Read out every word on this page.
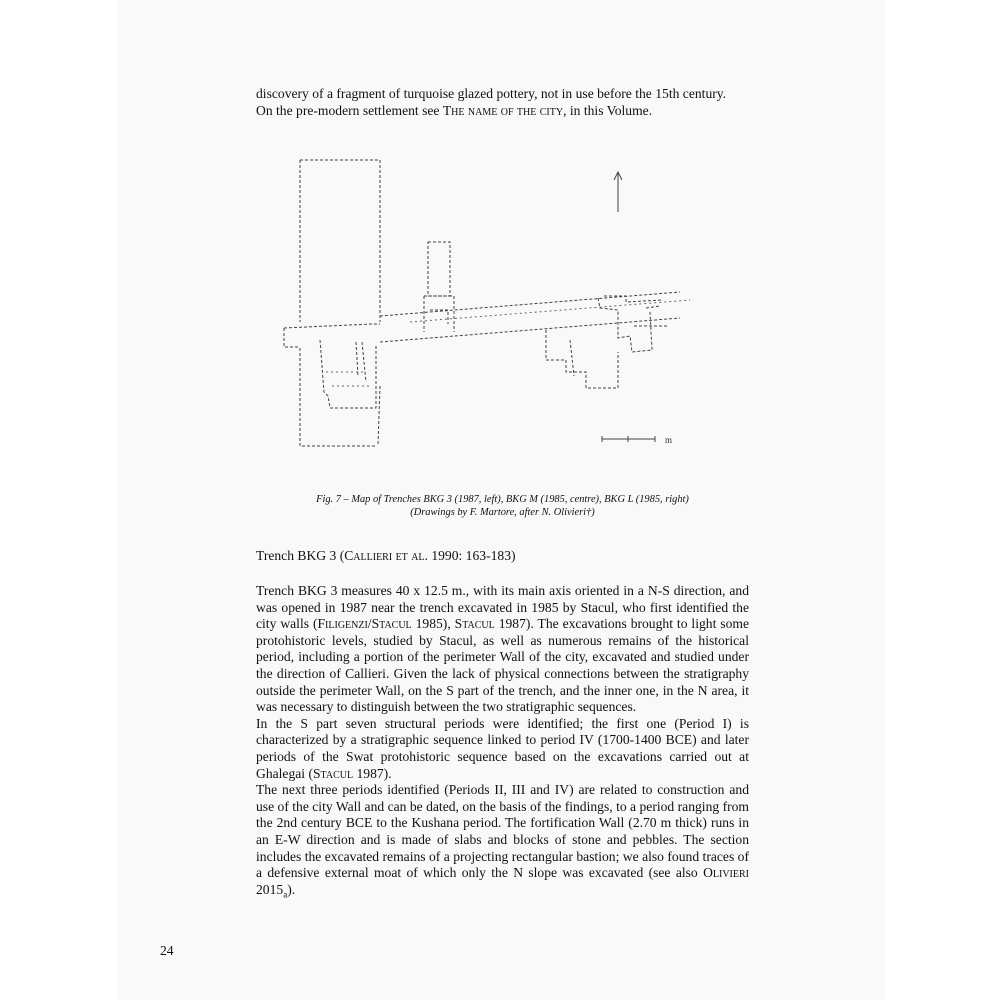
discovery of a fragment of turquoise glazed pottery, not in use before the 15th century.

On the pre-modern settlement see The name of the city, in this Volume.

m
Fig. 7 – Map of Trenches BKG 3 (1987, left), BKG M (1985, centre), BKG L (1985, right)
(Drawings by F. Martore, after N. Olivieri†)
Trench BKG 3 (Callieri et al. 1990: 163-183)

Trench BKG 3 measures 40 x 12.5 m., with its main axis oriented in a N-S direction, and was opened in 1987 near the trench excavated in 1985 by Stacul, who first identified the city walls (Filigenzi/Stacul 1985), Stacul 1987). The excavations brought to light some protohistoric levels, studied by Stacul, as well as numerous remains of the historical period, including a portion of the perimeter Wall of the city, excavated and studied under the direction of Callieri. Given the lack of physical connections between the stratigraphy outside the perimeter Wall, on the S part of the trench, and the inner one, in the N area, it was necessary to distinguish between the two stratigraphic sequences.

In the S part seven structural periods were identified; the first one (Period I) is characterized by a stratigraphic sequence linked to period IV (1700-1400 BCE) and later periods of the Swat protohistoric sequence based on the excavations carried out at Ghalegai (Stacul 1987).

The next three periods identified (Periods II, III and IV) are related to construction and use of the city Wall and can be dated, on the basis of the findings, to a period ranging from the 2nd century BCE to the Kushana period. The fortification Wall (2.70 m thick) runs in an E-W direction and is made of slabs and blocks of stone and pebbles. The section includes the excavated remains of a projecting rectangular bastion; we also found traces of a defensive external moat of which only the N slope was excavated (see also Olivieri $2015_a$).

24
